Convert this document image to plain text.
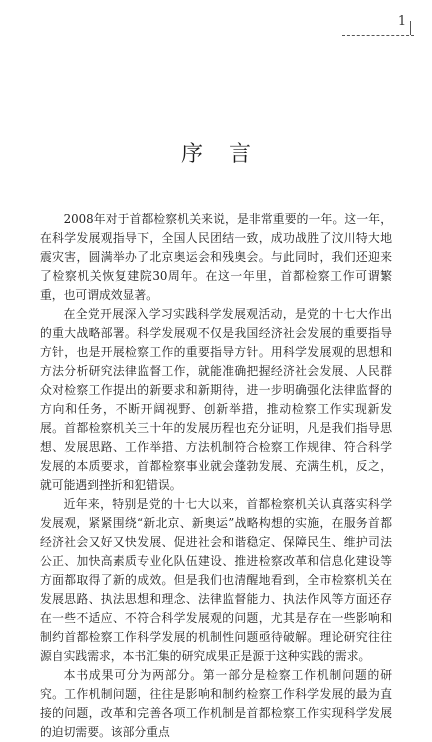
1
序言

2008年对于首都检察机关来说，是非常重要的一年。这一年，在科学发展观指导下，全国人民团结一致，成功战胜了汶川特大地震灾害，圆满举办了北京奥运会和残奥会。与此同时，我们还迎来了检察机关恢复建院30周年。在这一年里，首都检察工作可谓繁重，也可谓成效显著。

在全党开展深入学习实践科学发展观活动，是党的十七大作出的重大战略部署。科学发展观不仅是我国经济社会发展的重要指导方针，也是开展检察工作的重要指导方针。用科学发展观的思想和方法分析研究法律监督工作，就能准确把握经济社会发展、人民群众对检察工作提出的新要求和新期待，进一步明确强化法律监督的方向和任务，不断开阔视野、创新举措，推动检察工作实现新发展。首都检察机关三十年的发展历程也充分证明，凡是我们指导思想、发展思路、工作举措、方法机制符合检察工作规律、符合科学发展的本质要求，首都检察事业就会蓬勃发展、充满生机，反之，就可能遇到挫折和犯错误。

近年来，特别是党的十七大以来，首都检察机关认真落实科学发展观，紧紧围绕“新北京、新奥运”战略构想的实施，在服务首都经济社会又好又快发展、促进社会和谐稳定、保障民生、维护司法公正、加快高素质专业化队伍建设、推进检察改革和信息化建设等方面都取得了新的成效。但是我们也清醒地看到，全市检察机关在发展思路、执法思想和理念、法律监督能力、执法作风等方面还存在一些不适应、不符合科学发展观的问题，尤其是存在一些影响和制约首都检察工作科学发展的机制性问题亟待破解。理论研究往往源自实践需求，本书汇集的研究成果正是源于这种实践的需求。

本书成果可分为两部分。第一部分是检察工作机制问题的研究。工作机制问题，往往是影响和制约检察工作科学发展的最为直接的问题，改革和完善各项工作机制是首都检察工作实现科学发展的迫切需要。该部分重点
